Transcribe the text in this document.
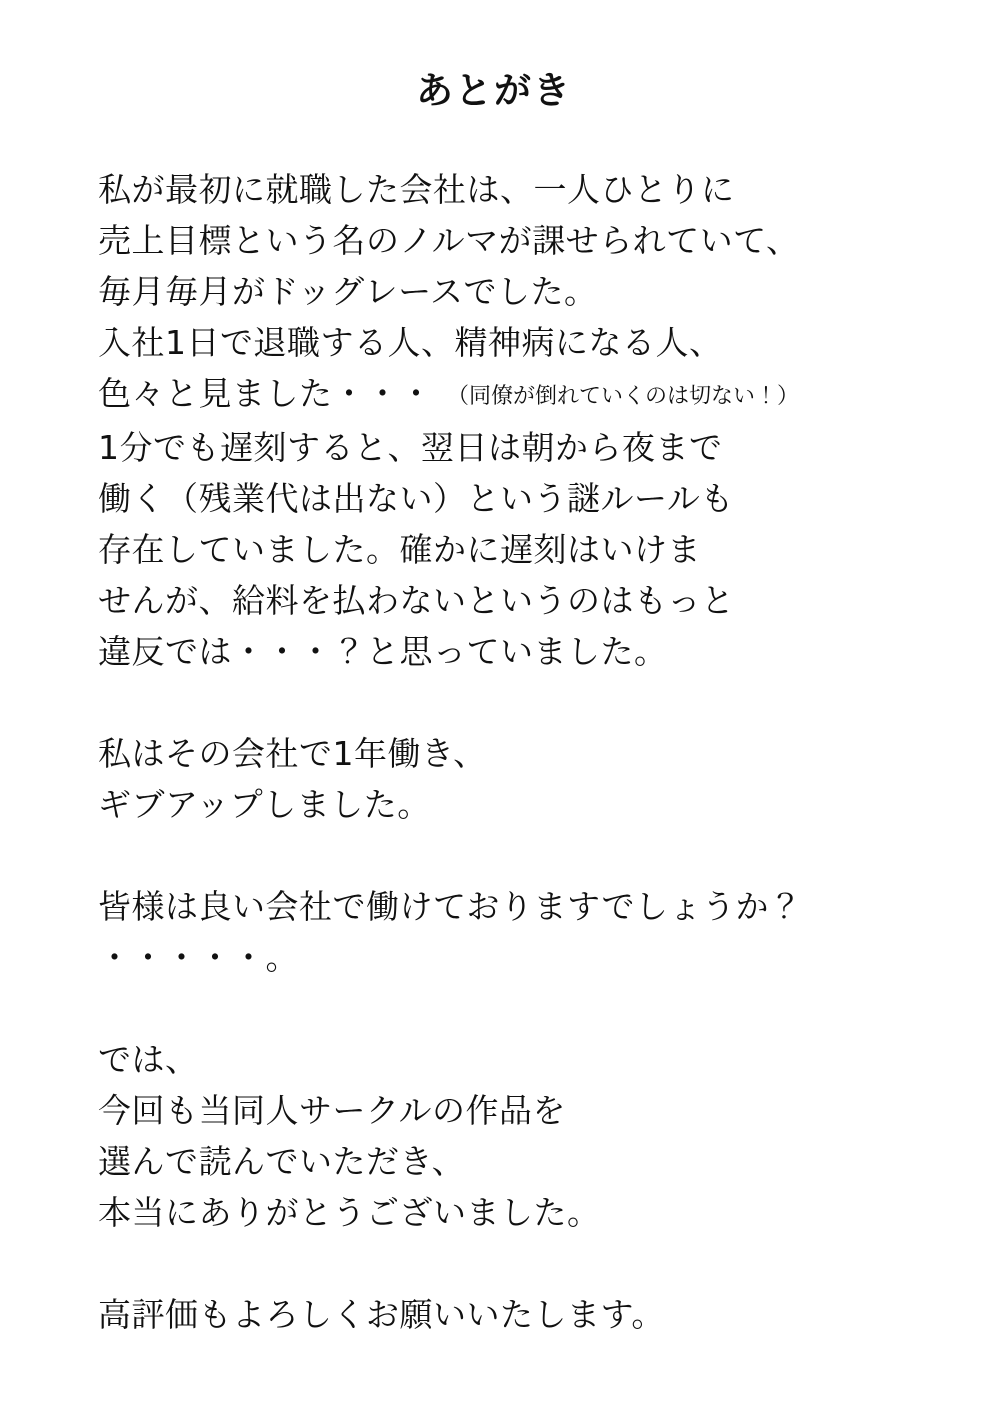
あとがき
私が最初に就職した会社は、一人ひとりに
売上目標という名のノルマが課せられていて、
毎月毎月がドッグレースでした。
入社1日で退職する人、精神病になる人、
色々と見ました・・・  （同僚が倒れていくのは切ない！）
1分でも遅刻すると、翌日は朝から夜まで
働く（残業代は出ない）という謎ルールも
存在していました。確かに遅刻はいけま
せんが、給料を払わないというのはもっと
違反では・・・？と思っていました。
私はその会社で1年働き、
ギブアップしました。
皆様は良い会社で働けておりますでしょうか？
・・・・・。
では、
今回も当同人サークルの作品を
選んで読んでいただき、
本当にありがとうございました。
高評価もよろしくお願いいたします。
